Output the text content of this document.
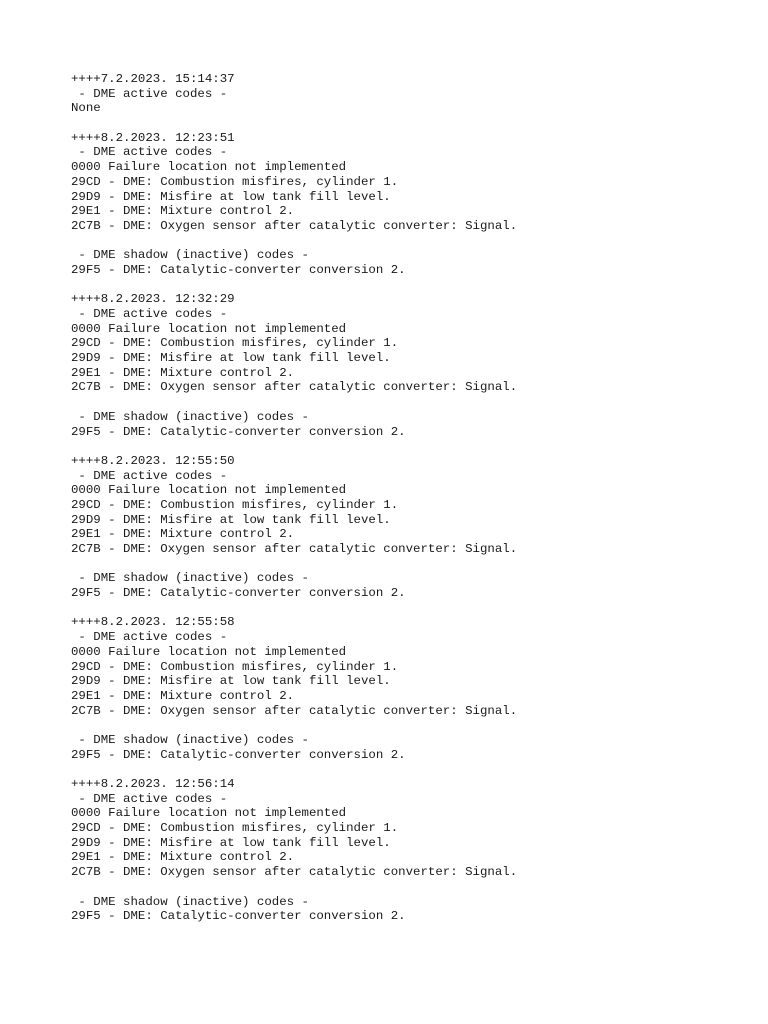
++++7.2.2023. 15:14:37
- DME active codes -
None
++++8.2.2023. 12:23:51
- DME active codes -
0000 Failure location not implemented
29CD - DME: Combustion misfires, cylinder 1.
29D9 - DME: Misfire at low tank fill level.
29E1 - DME: Mixture control 2.
2C7B - DME: Oxygen sensor after catalytic converter: Signal.
- DME shadow (inactive) codes -
29F5 - DME: Catalytic-converter conversion 2.
++++8.2.2023. 12:32:29
- DME active codes -
0000 Failure location not implemented
29CD - DME: Combustion misfires, cylinder 1.
29D9 - DME: Misfire at low tank fill level.
29E1 - DME: Mixture control 2.
2C7B - DME: Oxygen sensor after catalytic converter: Signal.
- DME shadow (inactive) codes -
29F5 - DME: Catalytic-converter conversion 2.
++++8.2.2023. 12:55:50
- DME active codes -
0000 Failure location not implemented
29CD - DME: Combustion misfires, cylinder 1.
29D9 - DME: Misfire at low tank fill level.
29E1 - DME: Mixture control 2.
2C7B - DME: Oxygen sensor after catalytic converter: Signal.
- DME shadow (inactive) codes -
29F5 - DME: Catalytic-converter conversion 2.
++++8.2.2023. 12:55:58
- DME active codes -
0000 Failure location not implemented
29CD - DME: Combustion misfires, cylinder 1.
29D9 - DME: Misfire at low tank fill level.
29E1 - DME: Mixture control 2.
2C7B - DME: Oxygen sensor after catalytic converter: Signal.
- DME shadow (inactive) codes -
29F5 - DME: Catalytic-converter conversion 2.
++++8.2.2023. 12:56:14
- DME active codes -
0000 Failure location not implemented
29CD - DME: Combustion misfires, cylinder 1.
29D9 - DME: Misfire at low tank fill level.
29E1 - DME: Mixture control 2.
2C7B - DME: Oxygen sensor after catalytic converter: Signal.
- DME shadow (inactive) codes -
29F5 - DME: Catalytic-converter conversion 2.
